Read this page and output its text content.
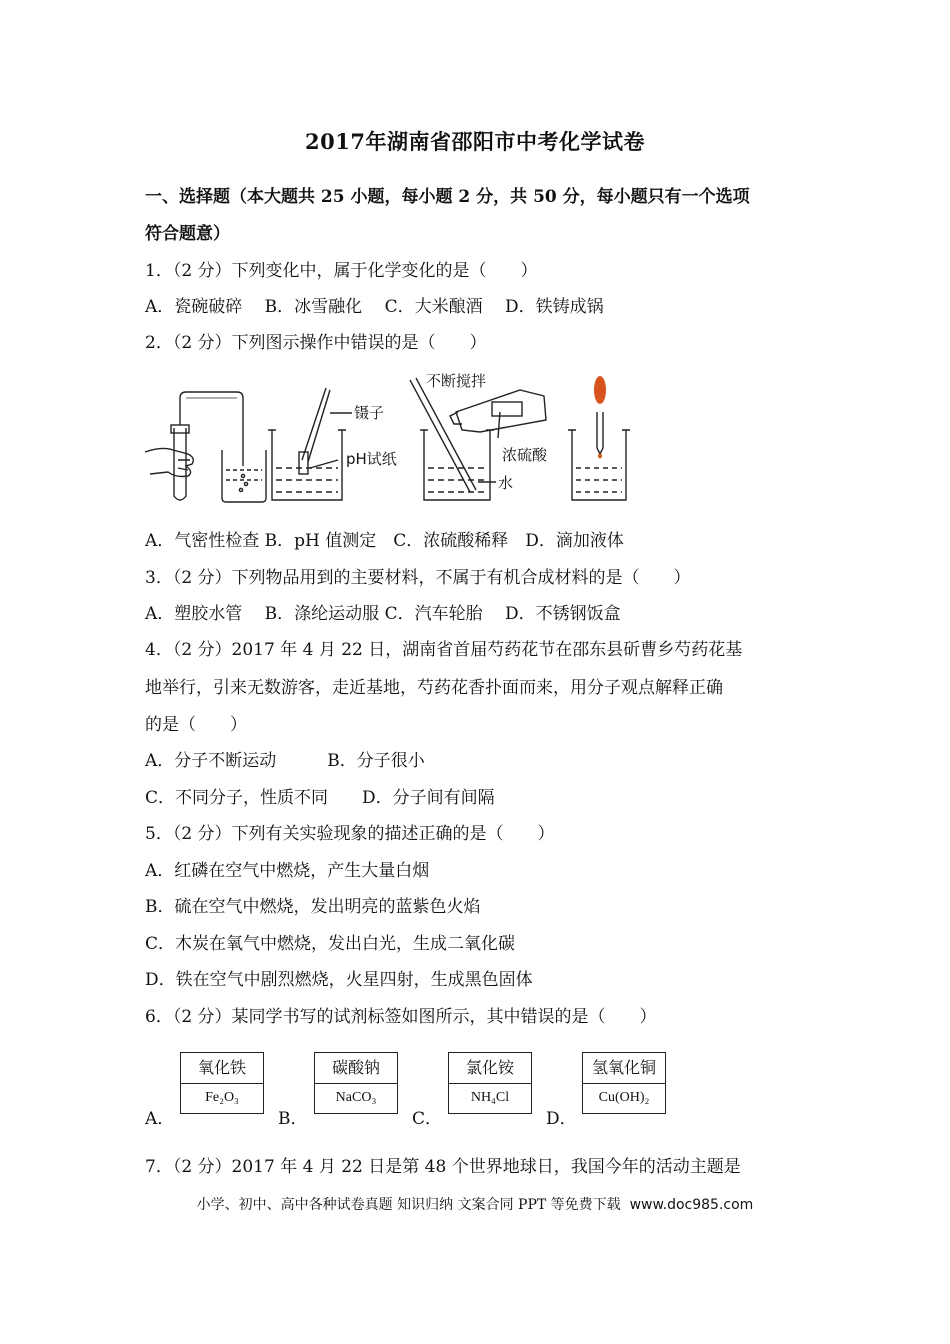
2017年湖南省邵阳市中考化学试卷
一、选择题（本大题共 25 小题，每小题 2 分，共 50 分，每小题只有一个选项
符合题意）
1．（2 分）下列变化中，属于化学变化的是（　　）
A．瓷碗破碎　 B．冰雪融化　 C．大米酿酒　 D．铁铸成锅
2．（2 分）下列图示操作中错误的是（　　）
镊子
pH试纸
不断搅拌
浓硫酸
水
A．气密性检查 B．pH 值测定　C．浓硫酸稀释　D．滴加液体
3．（2 分）下列物品用到的主要材料，不属于有机合成材料的是（　　）
A．塑胶水管　 B．涤纶运动服 C．汽车轮胎　 D．不锈钢饭盒
4．（2 分）2017 年 4 月 22 日，湖南省首届芍药花节在邵东县斫曹乡芍药花基
地举行，引来无数游客，走近基地，芍药花香扑面而来，用分子观点解释正确
的是（　　）
A．分子不断运动　　　B．分子很小
C．不同分子，性质不同　　D．分子间有间隔
5．（2 分）下列有关实验现象的描述正确的是（　　）
A．红磷在空气中燃烧，产生大量白烟
B．硫在空气中燃烧，发出明亮的蓝紫色火焰
C．木炭在氧气中燃烧，发出白光，生成二氧化碳
D．铁在空气中剧烈燃烧，火星四射，生成黑色固体
6．（2 分）某同学书写的试剂标签如图所示，其中错误的是（　　）
A．
氧化铁
Fe₂O₃
B．
碳酸钠
NaCO₃
C．
氯化铵
NH₄Cl
D．
氢氧化铜
Cu(OH)₂
7．（2 分）2017 年 4 月 22 日是第 48 个世界地球日，我国今年的活动主题是
小学、初中、高中各种试卷真题 知识归纳 文案合同 PPT 等免费下载 www.doc985.com
